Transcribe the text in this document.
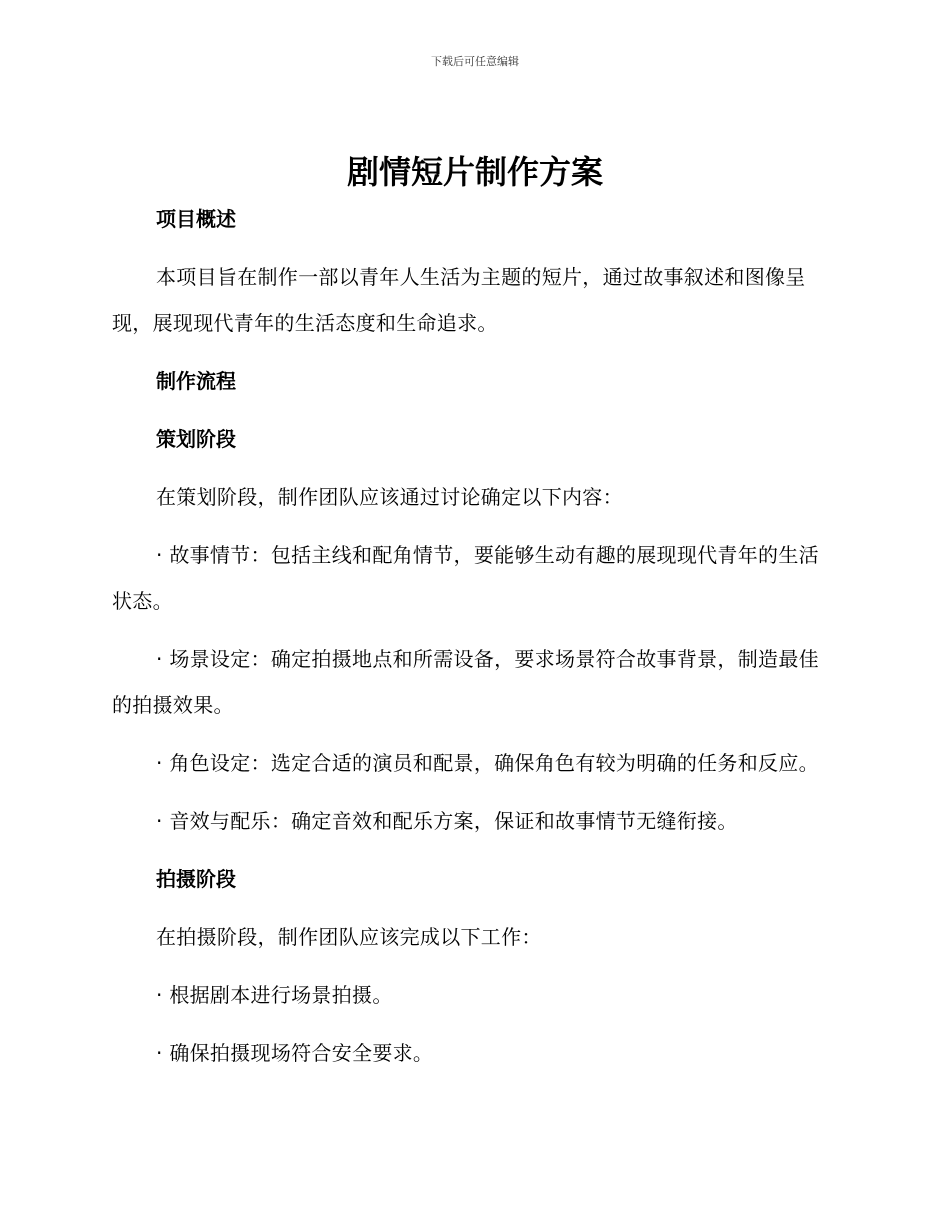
下载后可任意编辑
剧情短片制作方案

项目概述

本项目旨在制作一部以青年人生活为主题的短片，通过故事叙述和图像呈现，展现现代青年的生活态度和生命追求。

制作流程

策划阶段

在策划阶段，制作团队应该通过讨论确定以下内容：

· 故事情节：包括主线和配角情节，要能够生动有趣的展现现代青年的生活状态。

· 场景设定：确定拍摄地点和所需设备，要求场景符合故事背景，制造最佳的拍摄效果。

· 角色设定：选定合适的演员和配景，确保角色有较为明确的任务和反应。

· 音效与配乐：确定音效和配乐方案，保证和故事情节无缝衔接。

拍摄阶段

在拍摄阶段，制作团队应该完成以下工作：

· 根据剧本进行场景拍摄。

· 确保拍摄现场符合安全要求。
